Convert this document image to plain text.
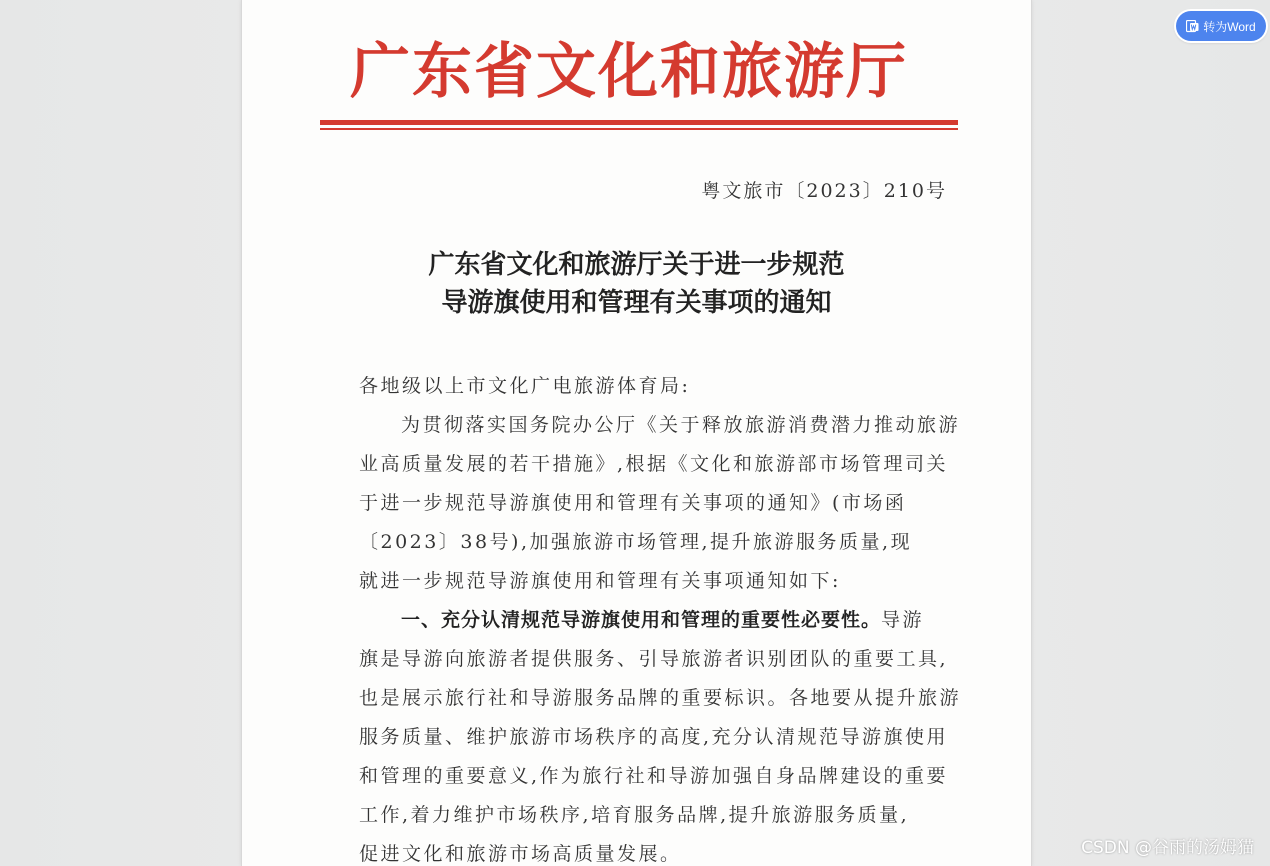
广东省文化和旅游厅
粤文旅市〔2023〕210号
广东省文化和旅游厅关于进一步规范
导游旗使用和管理有关事项的通知
各地级以上市文化广电旅游体育局:
为贯彻落实国务院办公厅《关于释放旅游消费潜力推动旅游
业高质量发展的若干措施》,根据《文化和旅游部市场管理司关
于进一步规范导游旗使用和管理有关事项的通知》(市场函
〔2023〕38号),加强旅游市场管理,提升旅游服务质量,现
就进一步规范导游旗使用和管理有关事项通知如下:
一、充分认清规范导游旗使用和管理的重要性必要性。导游
旗是导游向旅游者提供服务、引导旅游者识别团队的重要工具,
也是展示旅行社和导游服务品牌的重要标识。各地要从提升旅游
服务质量、维护旅游市场秩序的高度,充分认清规范导游旗使用
和管理的重要意义,作为旅行社和导游加强自身品牌建设的重要
工作,着力维护市场秩序,培育服务品牌,提升旅游服务质量,
促进文化和旅游市场高质量发展。
转为Word
CSDN @谷雨的汤姆猫
